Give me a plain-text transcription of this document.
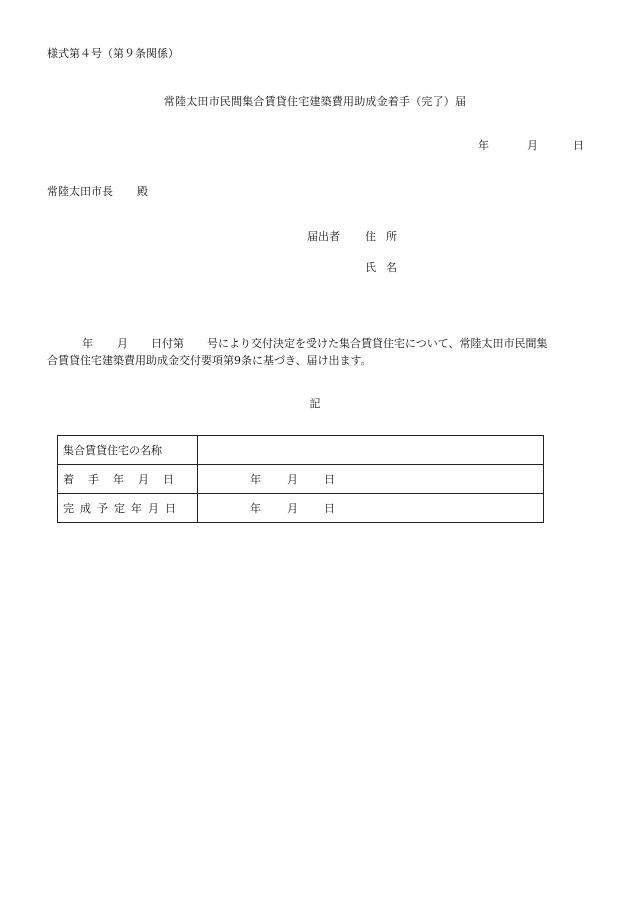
様式第４号（第９条関係）
常陸太田市民間集合賃貸住宅建築費用助成金着手（完了）届
年	月	日
常陸太田市長 殿
届出者 住所
氏名
年 月 日付第 号により交付決定を受けた集合賃貸住宅について、常陸太田市民間集
合賃貸住宅建築費用助成金交付要項第9条に基づき、届け出ます。
記
集合賃貸住宅の名称	
着手年月日	年 月 日
完成予定年月日	年 月 日
